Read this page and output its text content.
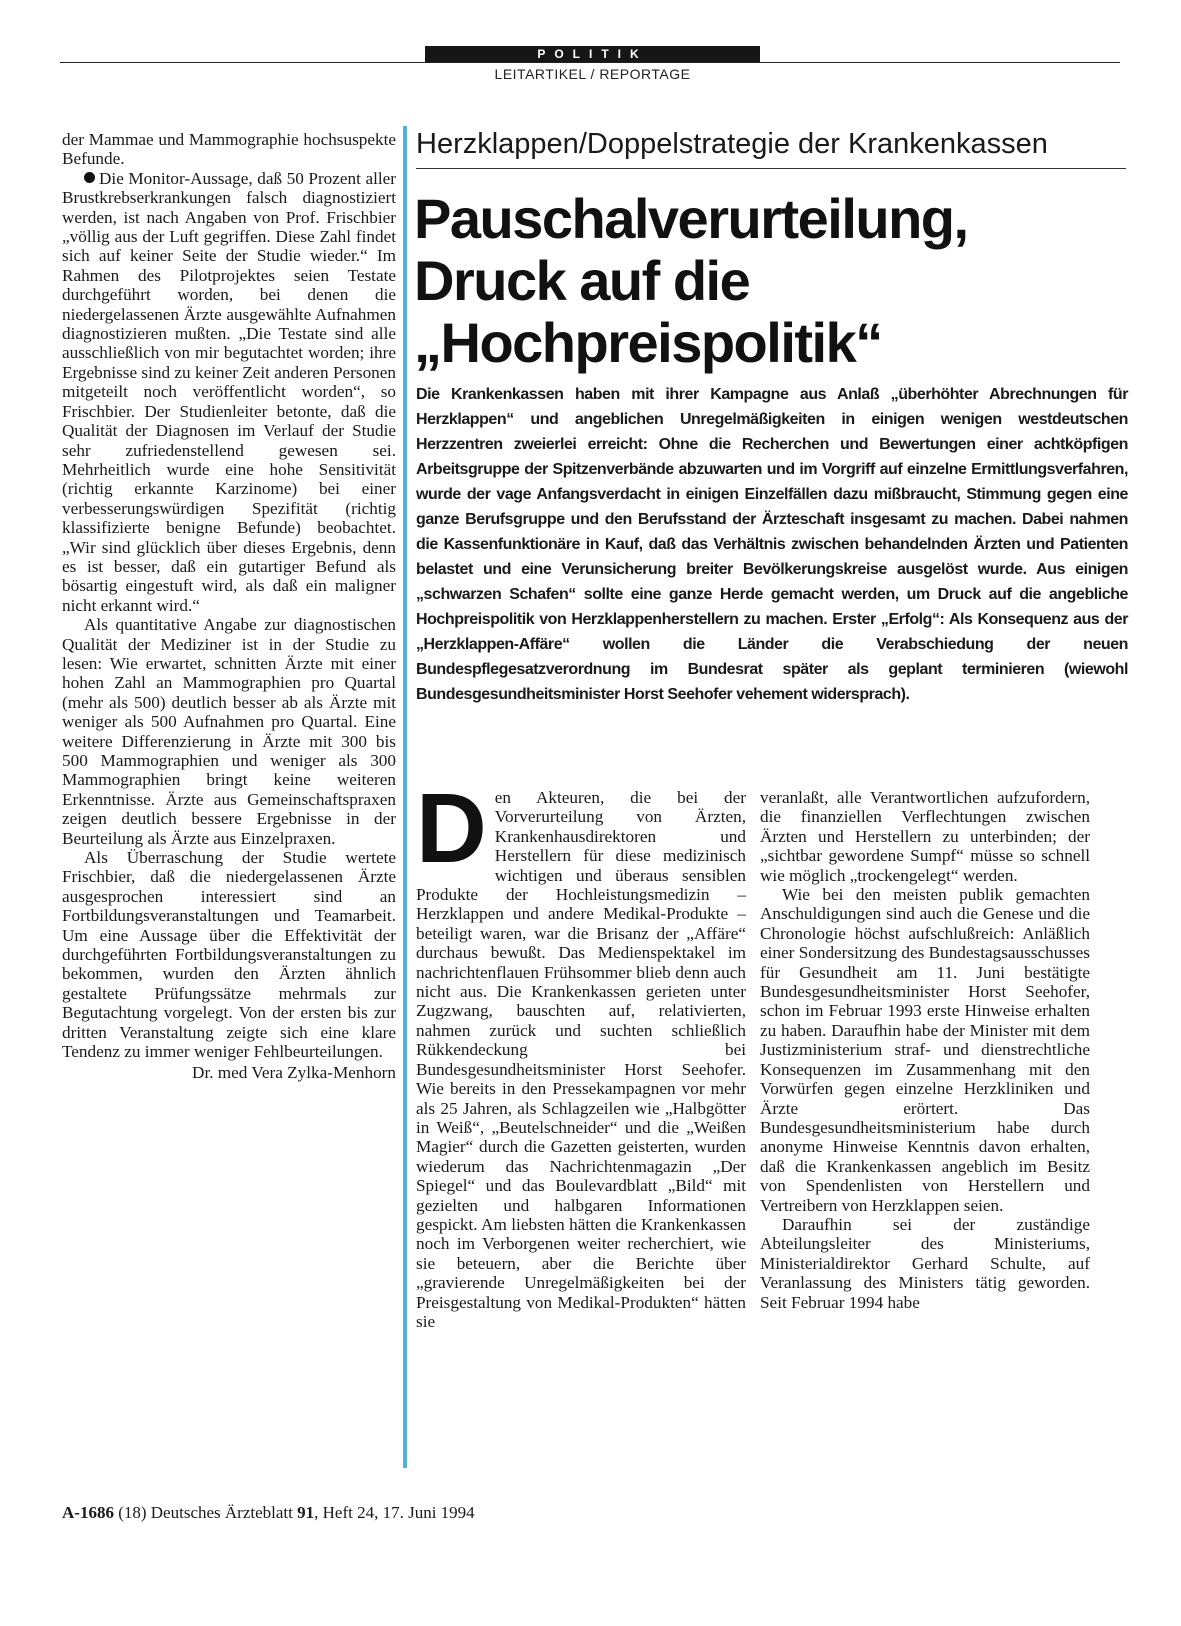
POLITIK
LEITARTIKEL / REPORTAGE

der Mammae und Mammographie hochsuspekte Befunde.

Die Monitor-Aussage, daß 50 Prozent aller Brustkrebserkrankungen falsch diagnostiziert werden, ist nach Angaben von Prof. Frischbier „völlig aus der Luft gegriffen. Diese Zahl findet sich auf keiner Seite der Studie wieder.“ Im Rahmen des Pilotprojektes seien Testate durchgeführt worden, bei denen die niedergelassenen Ärzte ausgewählte Aufnahmen diagnostizieren mußten. „Die Testate sind alle ausschließlich von mir begutachtet worden; ihre Ergebnisse sind zu keiner Zeit anderen Personen mitgeteilt noch veröffentlicht worden“, so Frischbier. Der Studienleiter betonte, daß die Qualität der Diagnosen im Verlauf der Studie sehr zufriedenstellend gewesen sei. Mehrheitlich wurde eine hohe Sensitivität (richtig erkannte Karzinome) bei einer verbesserungswürdigen Spezifität (richtig klassifizierte benigne Befunde) beobachtet. „Wir sind glücklich über dieses Ergebnis, denn es ist besser, daß ein gutartiger Befund als bösartig eingestuft wird, als daß ein maligner nicht erkannt wird.“

Als quantitative Angabe zur diagnostischen Qualität der Mediziner ist in der Studie zu lesen: Wie erwartet, schnitten Ärzte mit einer hohen Zahl an Mammographien pro Quartal (mehr als 500) deutlich besser ab als Ärzte mit weniger als 500 Aufnahmen pro Quartal. Eine weitere Differenzierung in Ärzte mit 300 bis 500 Mammographien und weniger als 300 Mammographien bringt keine weiteren Erkenntnisse. Ärzte aus Gemeinschaftspraxen zeigen deutlich bessere Ergebnisse in der Beurteilung als Ärzte aus Einzelpraxen.

Als Überraschung der Studie wertete Frischbier, daß die niedergelassenen Ärzte ausgesprochen interessiert sind an Fortbildungsveranstaltungen und Teamarbeit. Um eine Aussage über die Effektivität der durchgeführten Fortbildungsveranstaltungen zu bekommen, wurden den Ärzten ähnlich gestaltete Prüfungssätze mehrmals zur Begutachtung vorgelegt. Von der ersten bis zur dritten Veranstaltung zeigte sich eine klare Tendenz zu immer weniger Fehlbeurteilungen.

Dr. med Vera Zylka-Menhorn

Herzklappen/Doppelstrategie der Krankenkassen
Pauschalverurteilung,
Druck auf die
„Hochpreispolitik“

Die Krankenkassen haben mit ihrer Kampagne aus Anlaß „überhöhter Abrechnungen für Herzklappen“ und angeblichen Unregelmäßigkeiten in einigen wenigen westdeutschen Herzzentren zweierlei erreicht: Ohne die Recherchen und Bewertungen einer achtköpfigen Arbeitsgruppe der Spitzenverbände abzuwarten und im Vorgriff auf einzelne Ermittlungsverfahren, wurde der vage Anfangsverdacht in einigen Einzelfällen dazu mißbraucht, Stimmung gegen eine ganze Berufsgruppe und den Berufsstand der Ärzteschaft insgesamt zu machen. Dabei nahmen die Kassenfunktionäre in Kauf, daß das Verhältnis zwischen behandelnden Ärzten und Patienten belastet und eine Verunsicherung breiter Bevölkerungskreise ausgelöst wurde. Aus einigen „schwarzen Schafen“ sollte eine ganze Herde gemacht werden, um Druck auf die angebliche Hochpreispolitik von Herzklappenherstellern zu machen. Erster „Erfolg“: Als Konsequenz aus der „Herzklappen-Affäre“ wollen die Länder die Verabschiedung der neuen Bundespflegesatzverordnung im Bundesrat später als geplant terminieren (wiewohl Bundesgesundheitsminister Horst Seehofer vehement widersprach).

D en Akteuren, die bei der Vorverurteilung von Ärzten, Krankenhausdirektoren und Herstellern für diese medizinisch wichtigen und überaus sensiblen Produkte der Hochleistungsmedizin – Herzklappen und andere Medikal-Produkte – beteiligt waren, war die Brisanz der „Affäre“ durchaus bewußt. Das Medienspektakel im nachrichtenflauen Frühsommer blieb denn auch nicht aus. Die Krankenkassen gerieten unter Zugzwang, bauschten auf, relativierten, nahmen zurück und suchten schließlich Rükkendeckung bei Bundesgesundheitsminister Horst Seehofer. Wie bereits in den Pressekampagnen vor mehr als 25 Jahren, als Schlagzeilen wie „Halbgötter in Weiß“, „Beutelschneider“ und die „Weißen Magier“ durch die Gazetten geisterten, wurden wiederum das Nachrichtenmagazin „Der Spiegel“ und das Boulevardblatt „Bild“ mit gezielten und halbgaren Informationen gespickt. Am liebsten hätten die Krankenkassen noch im Verborgenen weiter recherchiert, wie sie beteuern, aber die Berichte über „gravierende Unregelmäßigkeiten bei der Preisgestaltung von Medikal-Produkten“ hätten sie

veranlaßt, alle Verantwortlichen aufzufordern, die finanziellen Verflechtungen zwischen Ärzten und Herstellern zu unterbinden; der „sichtbar gewordene Sumpf“ müsse so schnell wie möglich „trockengelegt“ werden.

Wie bei den meisten publik gemachten Anschuldigungen sind auch die Genese und die Chronologie höchst aufschlußreich: Anläßlich einer Sondersitzung des Bundestagsausschusses für Gesundheit am 11. Juni bestätigte Bundesgesundheitsminister Horst Seehofer, schon im Februar 1993 erste Hinweise erhalten zu haben. Daraufhin habe der Minister mit dem Justizministerium straf- und dienstrechtliche Konsequenzen im Zusammenhang mit den Vorwürfen gegen einzelne Herzkliniken und Ärzte erörtert. Das Bundesgesundheitsministerium habe durch anonyme Hinweise Kenntnis davon erhalten, daß die Krankenkassen angeblich im Besitz von Spendenlisten von Herstellern und Vertreibern von Herzklappen seien.

Daraufhin sei der zuständige Abteilungsleiter des Ministeriums, Ministerialdirektor Gerhard Schulte, auf Veranlassung des Ministers tätig geworden. Seit Februar 1994 habe

A-1686 (18) Deutsches Ärzteblatt 91, Heft 24, 17. Juni 1994
